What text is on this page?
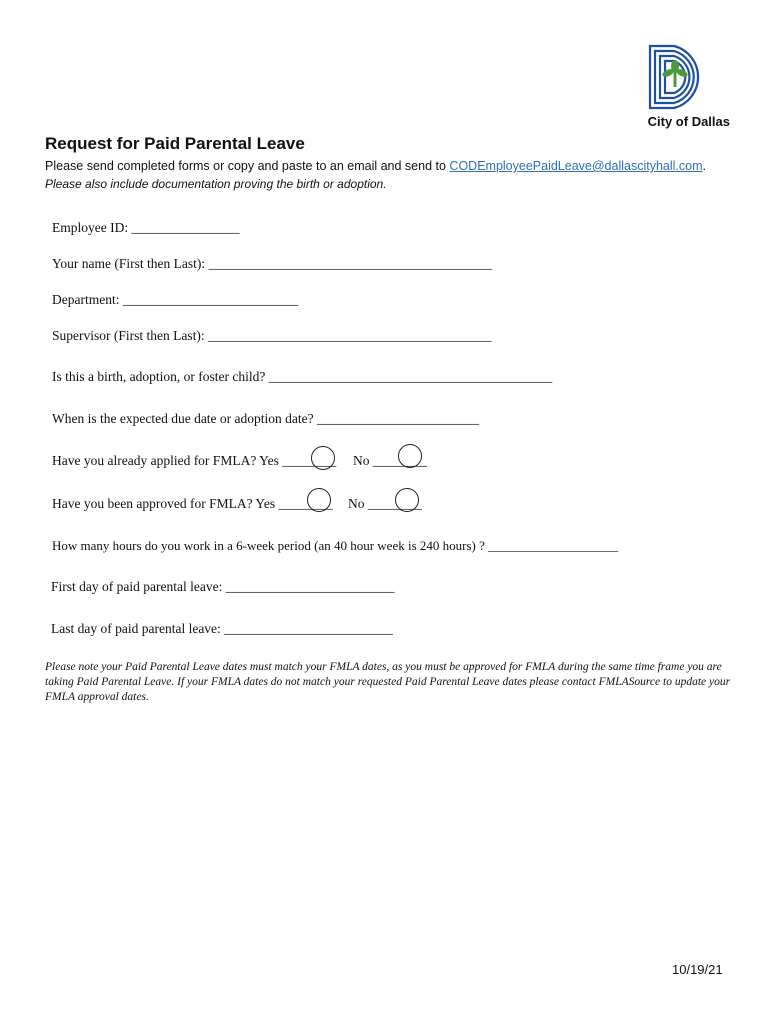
City of Dallas
Request for Paid Parental Leave
Please send completed forms or copy and paste to an email and send to CODEmployeePaidLeave@dallascityhall.com.
Please also include documentation proving the birth or adoption.
Employee ID: ________________
Your name (First then Last): __________________________________________
Department: __________________________
Supervisor (First then Last): __________________________________________
Is this a birth, adoption, or foster child? __________________________________________
When is the expected due date or adoption date? ________________________
Have you already applied for FMLA? Yes ________ No ________
Have you been approved for FMLA? Yes ________ No ________
How many hours do you work in a 6-week period (an 40 hour week is 240 hours) ? ____________________
First day of paid parental leave: _________________________
Last day of paid parental leave: _________________________
Please note your Paid Parental Leave dates must match your FMLA dates, as you must be approved for FMLA during the same time frame you are taking Paid Parental Leave. If your FMLA dates do not match your requested Paid Parental Leave dates please contact FMLASource to update your FMLA approval dates.
10/19/21
